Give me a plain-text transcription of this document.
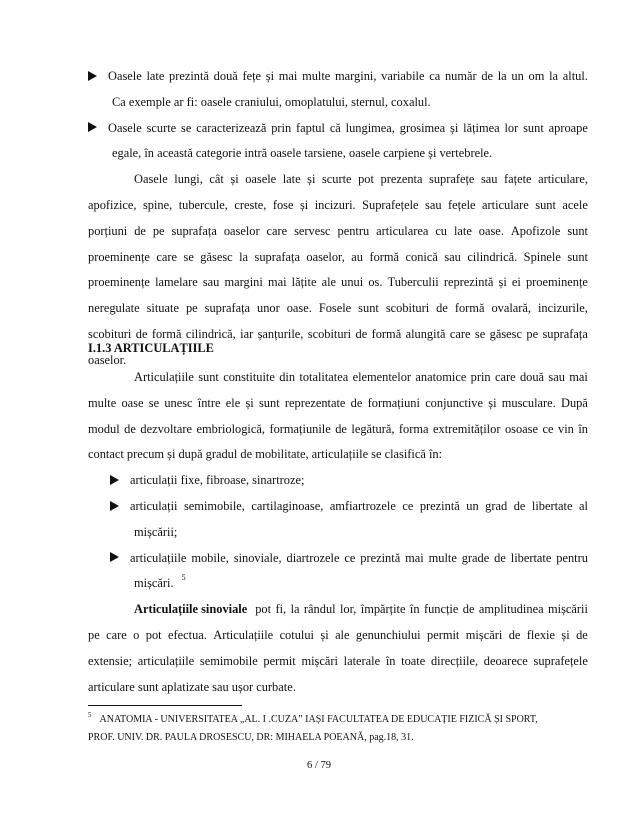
Oasele late prezintă două fețe și mai multe margini, variabile ca număr de la un om la altul.
Ca exemple ar fi: oasele craniului, omoplatului, sternul, coxalul.
Oasele scurte se caracterizează prin faptul că lungimea, grosimea și lățimea lor sunt aproape
egale, în această categorie intră oasele tarsiene, oasele carpiene și vertebrele.
Oasele lungi, cât și oasele late și scurte pot prezenta suprafețe sau fațete articulare,
apofizice, spine, tubercule, creste, fose și incizuri. Suprafețele sau fețele articulare sunt acele
porțiuni de pe suprafața oaselor care servesc pentru articularea cu late oase. Apofizole sunt
proeminențe care se găsesc la suprafața oaselor, au formă conică sau cilindrică. Spinele sunt
proeminențe lamelare sau margini mai lățite ale unui os. Tuberculii reprezintă și ei proeminențe
neregulate situate pe suprafața unor oase. Fosele sunt scobituri de formă ovalară, incizurile,
scobituri de formă cilindrică, iar șanțurile, scobituri de formă alungită care se găsesc pe suprafața
oaselor.
I.1.3 ARTICULAȚIILE
Articulațiile sunt constituite din totalitatea elementelor anatomice prin care două sau mai
multe oase se unesc între ele și sunt reprezentate de formațiuni conjunctive și musculare. După
modul de dezvoltare embriologică, formațiunile de legătură, forma extremităților osoase ce vin în
contact precum și după gradul de mobilitate, articulațiile se clasifică în:
articulații fixe, fibroase, sinartroze;
articulații semimobile, cartilaginoase, amfiartrozele ce prezintă un grad de libertate al
mișcării;
articulațiile mobile, sinoviale, diartrozele ce prezintă mai multe grade de libertate pentru
mișcări. 5
Articulațiile sinoviale pot fi, la rândul lor, împărțite în funcție de amplitudinea mișcării
pe care o pot efectua. Articulațiile cotului și ale genunchiului permit mișcări de flexie și de
extensie; articulațiile semimobile permit mișcări laterale în toate direcțiile, deoarece suprafețele
articulare sunt aplatizate sau ușor curbate.
$^5$ ANATOMIA - UNIVERSITATEA „AL. I .CUZA” IAȘI FACULTATEA DE EDUCAȚIE FIZICĂ ȘI SPORT,
PROF. UNIV. DR. PAULA DROSESCU, DR: MIHAELA POEANĂ, pag.18, 31.
6 / 79
